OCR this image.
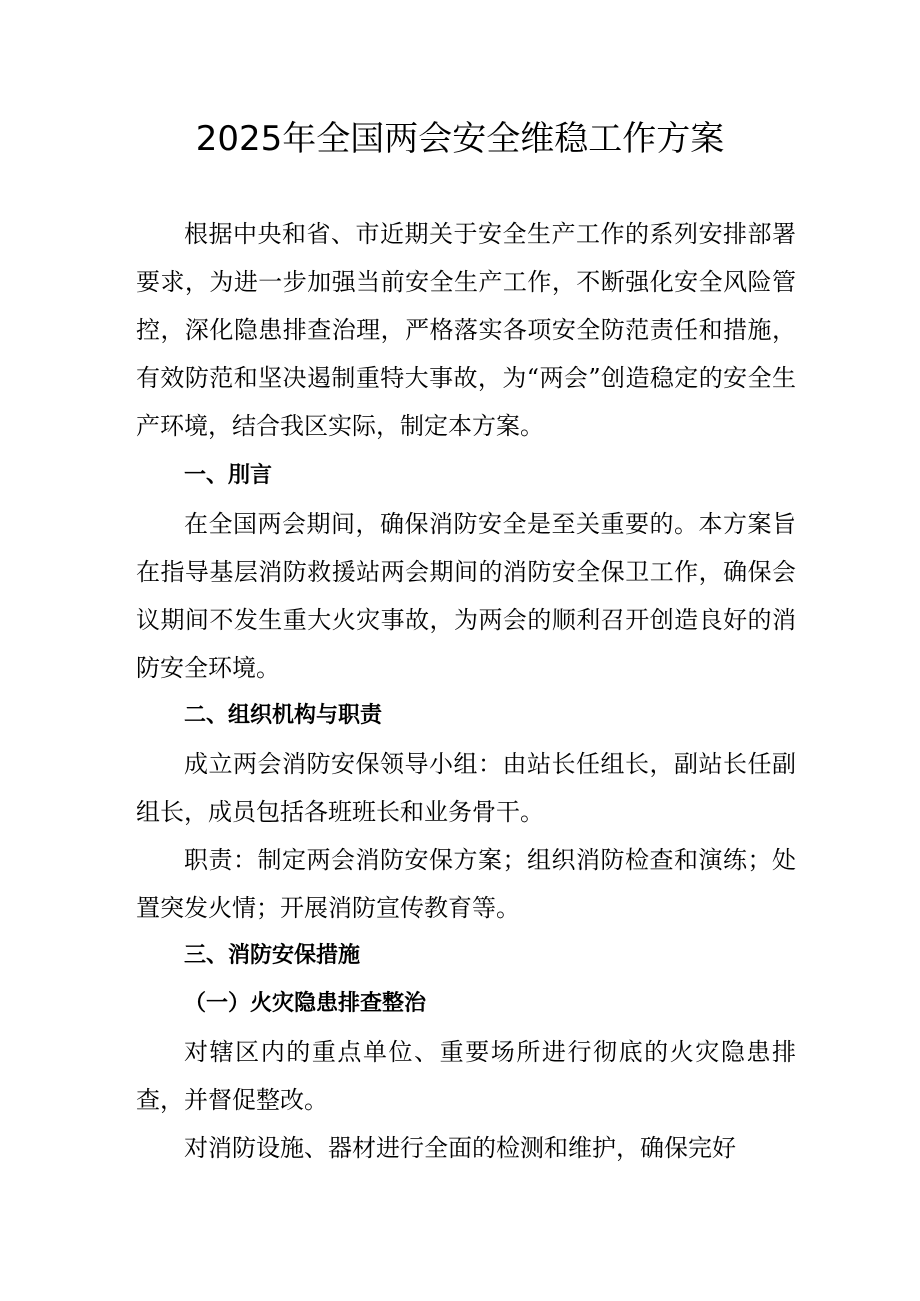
2025年全国两会安全维稳工作方案

根据中央和省、市近期关于安全生产工作的系列安排部署要求，为进一步加强当前安全生产工作，不断强化安全风险管控，深化隐患排查治理，严格落实各项安全防范责任和措施，有效防范和坚决遏制重特大事故，为“两会”创造稳定的安全生产环境，结合我区实际，制定本方案。

一、刖言

在全国两会期间，确保消防安全是至关重要的。本方案旨在指导基层消防救援站两会期间的消防安全保卫工作，确保会议期间不发生重大火灾事故，为两会的顺利召开创造良好的消防安全环境。

二、组织机构与职责

成立两会消防安保领导小组：由站长任组长，副站长任副组长，成员包括各班班长和业务骨干。

职责：制定两会消防安保方案；组织消防检查和演练；处置突发火情；开展消防宣传教育等。

三、消防安保措施
（一）火灾隐患排查整治

对辖区内的重点单位、重要场所进行彻底的火灾隐患排查，并督促整改。

对消防设施、器材进行全面的检测和维护，确保完好
